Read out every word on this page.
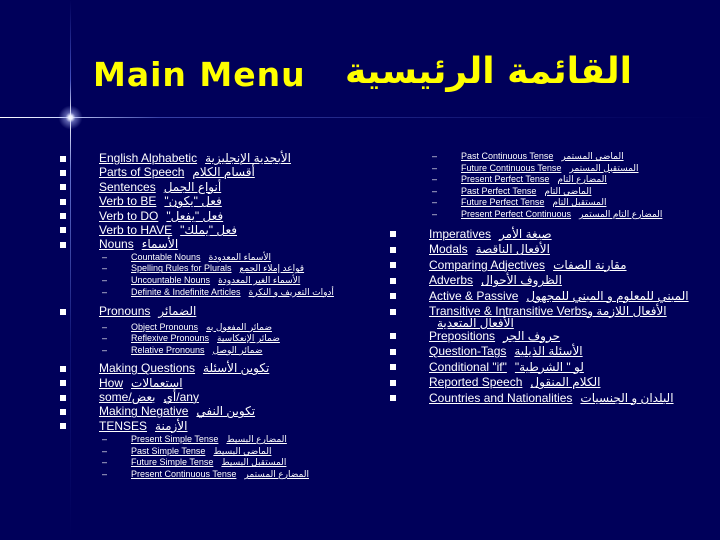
Main Menu القائمة الرئيسية
English Alphabetic الأبجدية الإنجليزية
Parts of Speech أقسام الكلام
Sentences أنواع الجمل
Verb to BE فعل "يكون"
Verb to DO فعل "يفعل"
Verb to HAVE فعل "يملك"
Nouns الأسماء
–	Countable Nouns الأسماء المعدودة
–	Spelling Rules for Plurals قواعد إملاء الجمع
–	Uncountable Nouns الأسماء الغير المعدودة
–	Definite & Indefinite Articles أدوات التعريف و النكرة
Pronouns الضمائر
–	Object Pronouns ضمائر المفعول به
–	Reflexive Pronouns ضمائر الإنعكاسية
–	Relative Pronouns ضمائر الوصل
Making Questions تكوين الأسئلة
How استعمالات
some/بعض any/أي
Making Negative تكوين النفي
TENSES الأزمنة
–	Present Simple Tense المضارع البسيط
–	Past Simple Tense الماضي البسيط
–	Future Simple Tense المستقبل البسيط
–	Present Continuous Tense المضارع المستمر
–	Past Continuous Tense الماضي المستمر
–	Future Continuous Tense المستقبل المستمر
–	Present Perfect Tense المضارع التام
–	Past Perfect Tense الماضي التام
–	Future Perfect Tense المستقبل التام
–	Present Perfect Continuous المضارع التام المستمر
Imperatives صيغة الأمر
Modals الأفعال الناقصة
Comparing Adjectives مقارنة الصفات
Adverbs الظروف الأحوال
Active & Passive المبني للمعلوم و المبني للمجهول
Transitive & Intransitive Verbsالأفعال اللازمة و الأفعال المتعدية
Prepositions حروف الجر
Question-Tags الأسئلة الذيلية
Conditional "if" لو " الشرطية"
Reported Speech الكلام المنقول
Countries and Nationalities البلدان و الجنسيات
